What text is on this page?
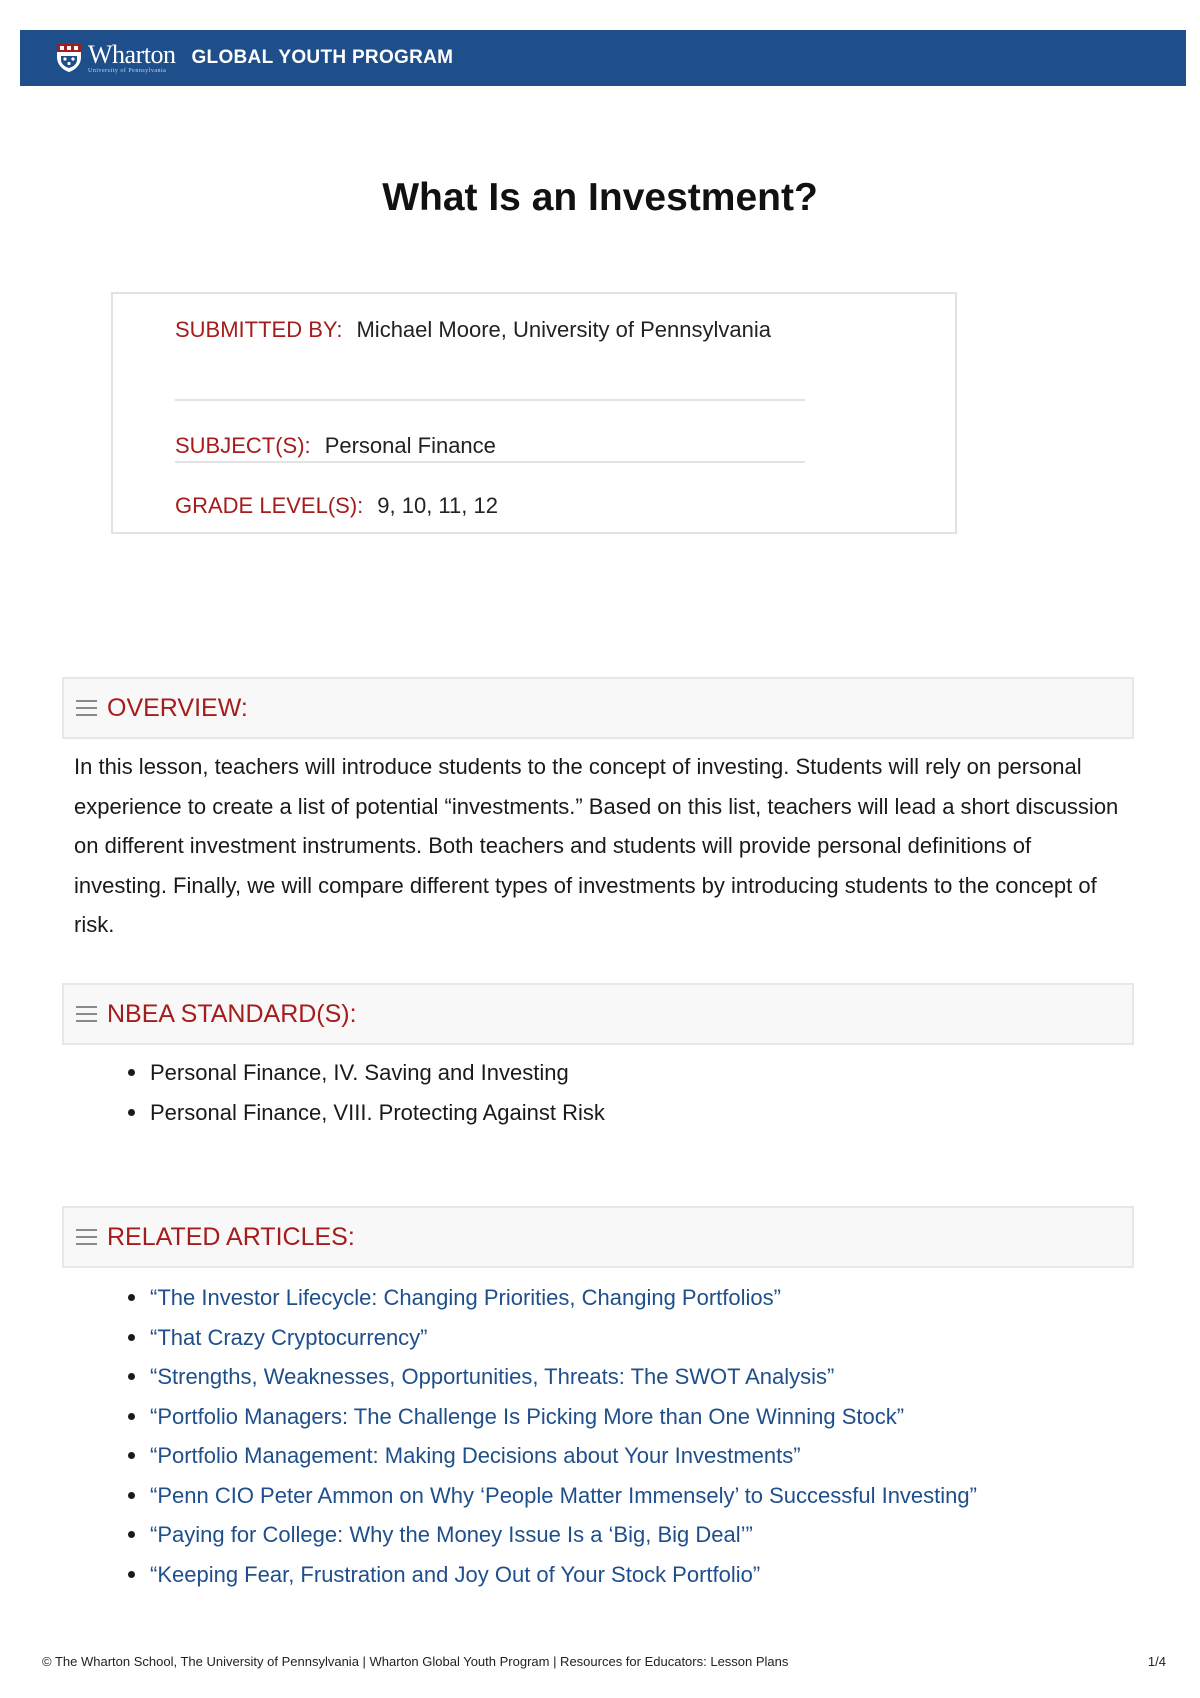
Wharton
University of Pennsylvania
GLOBAL YOUTH PROGRAM
What Is an Investment?
SUBMITTED BY: Michael Moore, University of Pennsylvania
SUBJECT(S): Personal Finance
GRADE LEVEL(S): 9, 10, 11, 12
OVERVIEW:

In this lesson, teachers will introduce students to the concept of investing. Students will rely on personal experience to create a list of potential “investments.” Based on this list, teachers will lead a short discussion on different investment instruments. Both teachers and students will provide personal definitions of investing. Finally, we will compare different types of investments by introducing students to the concept of risk.

NBEA STANDARD(S):
Personal Finance, IV. Saving and Investing
Personal Finance, VIII. Protecting Against Risk
RELATED ARTICLES:
“The Investor Lifecycle: Changing Priorities, Changing Portfolios”
“That Crazy Cryptocurrency”
“Strengths, Weaknesses, Opportunities, Threats: The SWOT Analysis”
“Portfolio Managers: The Challenge Is Picking More than One Winning Stock”
“Portfolio Management: Making Decisions about Your Investments”
“Penn CIO Peter Ammon on Why ‘People Matter Immensely’ to Successful Investing”
“Paying for College: Why the Money Issue Is a ‘Big, Big Deal’”
“Keeping Fear, Frustration and Joy Out of Your Stock Portfolio”
© The Wharton School, The University of Pennsylvania | Wharton Global Youth Program | Resources for Educators: Lesson Plans	1/4
